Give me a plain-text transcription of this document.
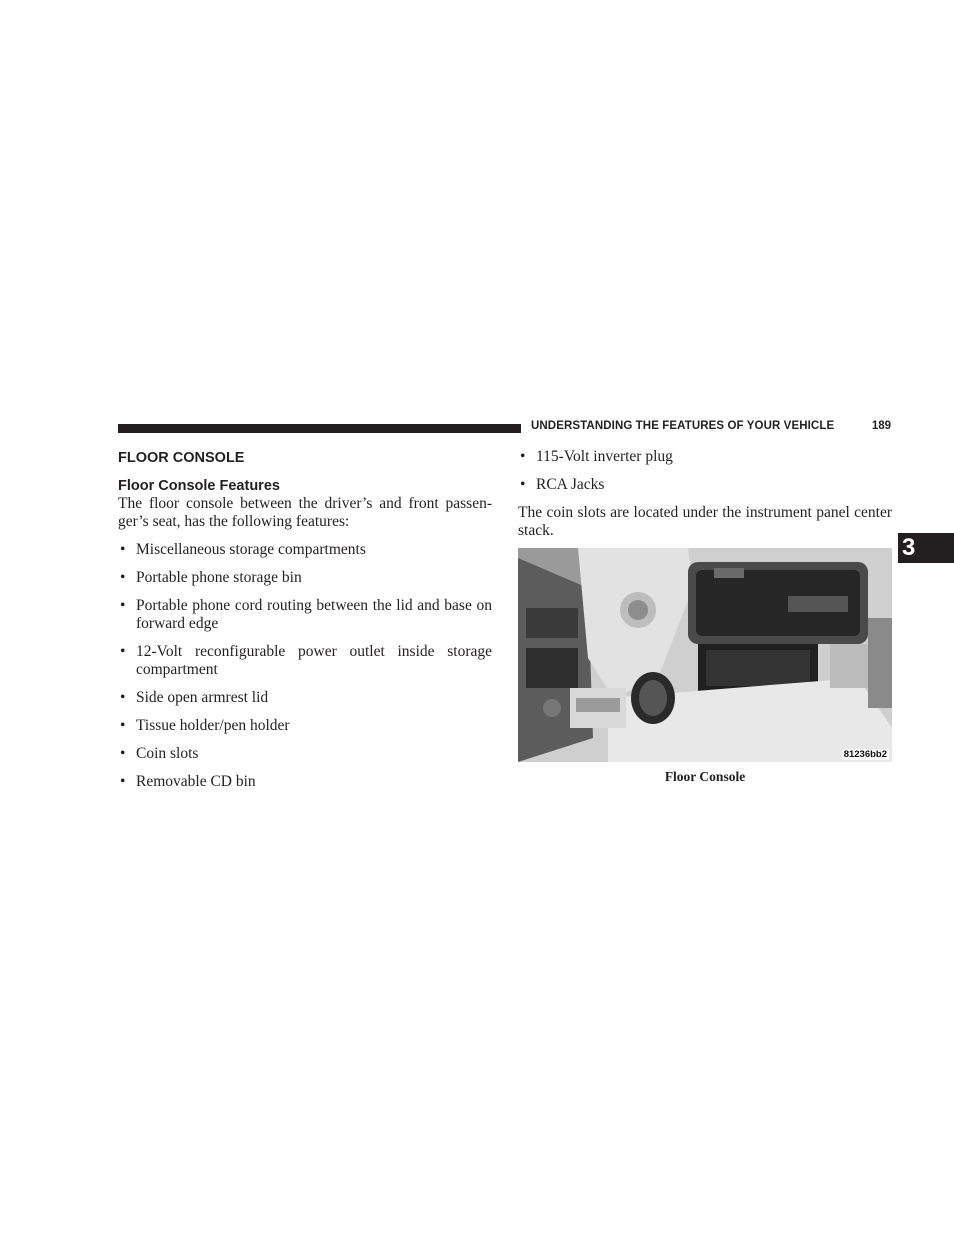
UNDERSTANDING THE FEATURES OF YOUR VEHICLE	189
FLOOR CONSOLE
Floor Console Features

The floor console between the driver’s and front passen-ger’s seat, has the following features:

• Miscellaneous storage compartments
• Portable phone storage bin
• Portable phone cord routing between the lid and base on forward edge
• 12-Volt reconfigurable power outlet inside storage compartment
• Side open armrest lid
• Tissue holder/pen holder
• Coin slots
• Removable CD bin
• 115-Volt inverter plug
• RCA Jacks

The coin slots are located under the instrument panel center stack.

81236bb2
Floor Console
3
